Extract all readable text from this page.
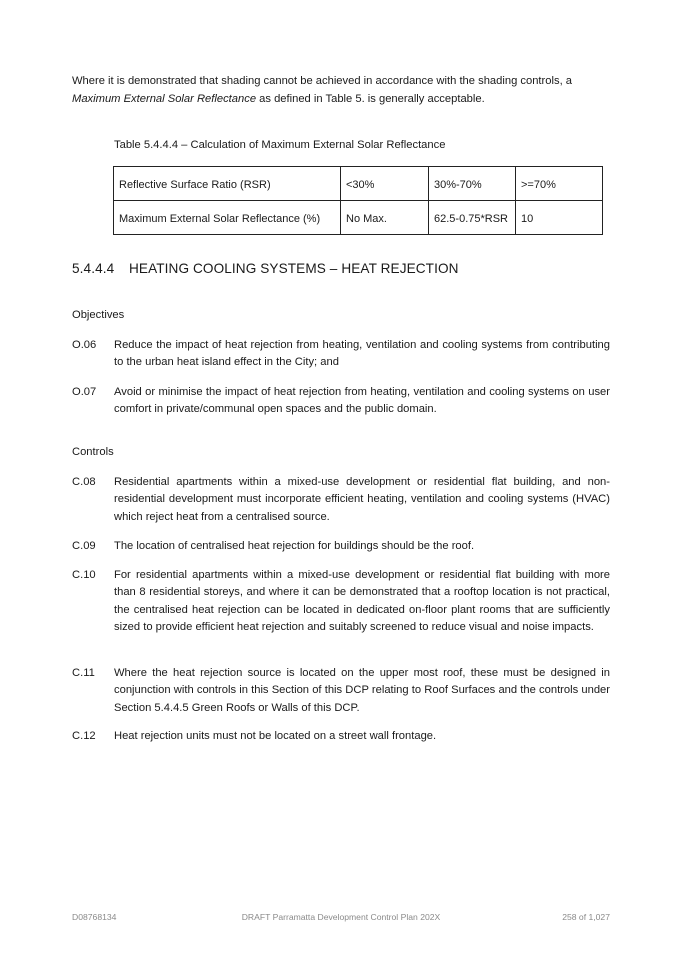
Where it is demonstrated that shading cannot be achieved in accordance with the shading controls, a Maximum External Solar Reflectance as defined in Table 5. is generally acceptable.

Table 5.4.4.4 – Calculation of Maximum External Solar Reflectance

Reflective Surface Ratio (RSR)	<30%	30%-70%	>=70%
Maximum External Solar Reflectance (%)	No Max.	62.5-0.75*RSR	10
5.4.4.4 HEATING COOLING SYSTEMS – HEAT REJECTION

Objectives

O.06 Reduce the impact of heat rejection from heating, ventilation and cooling systems from contributing to the urban heat island effect in the City; and
O.07 Avoid or minimise the impact of heat rejection from heating, ventilation and cooling systems on user comfort in private/communal open spaces and the public domain.

Controls

C.08 Residential apartments within a mixed-use development or residential flat building, and non-residential development must incorporate efficient heating, ventilation and cooling systems (HVAC) which reject heat from a centralised source.
C.09 The location of centralised heat rejection for buildings should be the roof.
C.10 For residential apartments within a mixed-use development or residential flat building with more than 8 residential storeys, and where it can be demonstrated that a rooftop location is not practical, the centralised heat rejection can be located in dedicated on-floor plant rooms that are sufficiently sized to provide efficient heat rejection and suitably screened to reduce visual and noise impacts.
C.11 Where the heat rejection source is located on the upper most roof, these must be designed in conjunction with controls in this Section of this DCP relating to Roof Surfaces and the controls under Section 5.4.4.5 Green Roofs or Walls of this DCP.
C.12 Heat rejection units must not be located on a street wall frontage.
D08768134	DRAFT Parramatta Development Control Plan 202X	258 of 1,027
